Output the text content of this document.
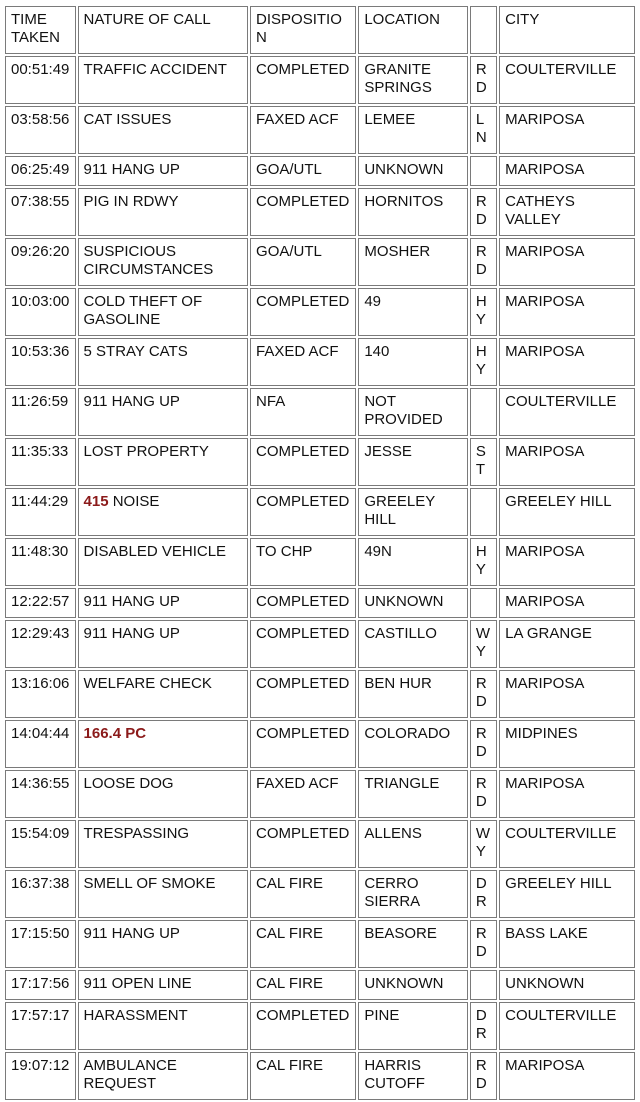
TIME TAKEN	NATURE OF CALL	DISPOSITION	LOCATION		CITY
00:51:49	TRAFFIC ACCIDENT	COMPLETED	GRANITE SPRINGS	RD	COULTERVILLE
03:58:56	CAT ISSUES	FAXED ACF	LEMEE	LN	MARIPOSA
06:25:49	911 HANG UP	GOA/UTL	UNKNOWN		MARIPOSA
07:38:55	PIG IN RDWY	COMPLETED	HORNITOS	RD	CATHEYS VALLEY
09:26:20	SUSPICIOUS CIRCUMSTANCES	GOA/UTL	MOSHER	RD	MARIPOSA
10:03:00	COLD THEFT OF GASOLINE	COMPLETED	49	HY	MARIPOSA
10:53:36	5 STRAY CATS	FAXED ACF	140	HY	MARIPOSA
11:26:59	911 HANG UP	NFA	NOT PROVIDED		COULTERVILLE
11:35:33	LOST PROPERTY	COMPLETED	JESSE	ST	MARIPOSA
11:44:29	415 NOISE	COMPLETED	GREELEY HILL		GREELEY HILL
11:48:30	DISABLED VEHICLE	TO CHP	49N	HY	MARIPOSA
12:22:57	911 HANG UP	COMPLETED	UNKNOWN		MARIPOSA
12:29:43	911 HANG UP	COMPLETED	CASTILLO	WY	LA GRANGE
13:16:06	WELFARE CHECK	COMPLETED	BEN HUR	RD	MARIPOSA
14:04:44	166.4 PC	COMPLETED	COLORADO	RD	MIDPINES
14:36:55	LOOSE DOG	FAXED ACF	TRIANGLE	RD	MARIPOSA
15:54:09	TRESPASSING	COMPLETED	ALLENS	WY	COULTERVILLE
16:37:38	SMELL OF SMOKE	CAL FIRE	CERRO SIERRA	DR	GREELEY HILL
17:15:50	911 HANG UP	CAL FIRE	BEASORE	RD	BASS LAKE
17:17:56	911 OPEN LINE	CAL FIRE	UNKNOWN		UNKNOWN
17:57:17	HARASSMENT	COMPLETED	PINE	DR	COULTERVILLE
19:07:12	AMBULANCE REQUEST	CAL FIRE	HARRIS CUTOFF	RD	MARIPOSA
